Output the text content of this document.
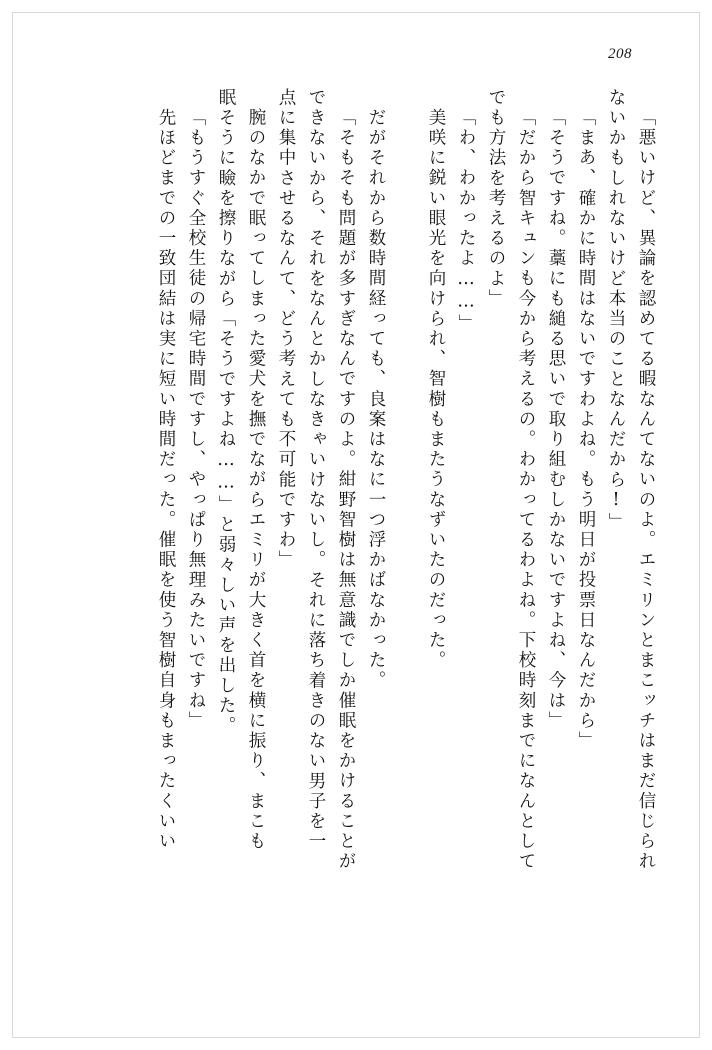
208
「悪いけど、異論を認めてる暇なんてないのよ。エミリンとまこッチはまだ信じられ
ないかもしれないけど本当のことなんだから!」
「まあ、確かに時間はないですわよね。もう明日が投票日なんだから」
「そうですね。藁にも縋る思いで取り組むしかないですよね、今は」
「だから智キュンも今から考えるの。わかってるわよね。下校時刻までになんとして
でも方法を考えるのよ」
「わ、わかったよ……」
美咲に鋭い眼光を向けられ、智樹もまたうなずいたのだった。
だがそれから数時間経っても、良案はなに一つ浮かばなかった。
「そもそも問題が多すぎなんですのよ。紺野智樹は無意識でしか催眠をかけることが
できないから、それをなんとかしなきゃいけないし。それに落ち着きのない男子を一
点に集中させるなんて、どう考えても不可能ですわ」
腕のなかで眠ってしまった愛犬を撫でながらエミリが大きく首を横に振り、まこも
眠そうに瞼を擦りながら「そうですよね……」と弱々しい声を出した。
「もうすぐ全校生徒の帰宅時間ですし、やっぱり無理みたいですね」
先ほどまでの一致団結は実に短い時間だった。催眠を使う智樹自身もまったくいい
